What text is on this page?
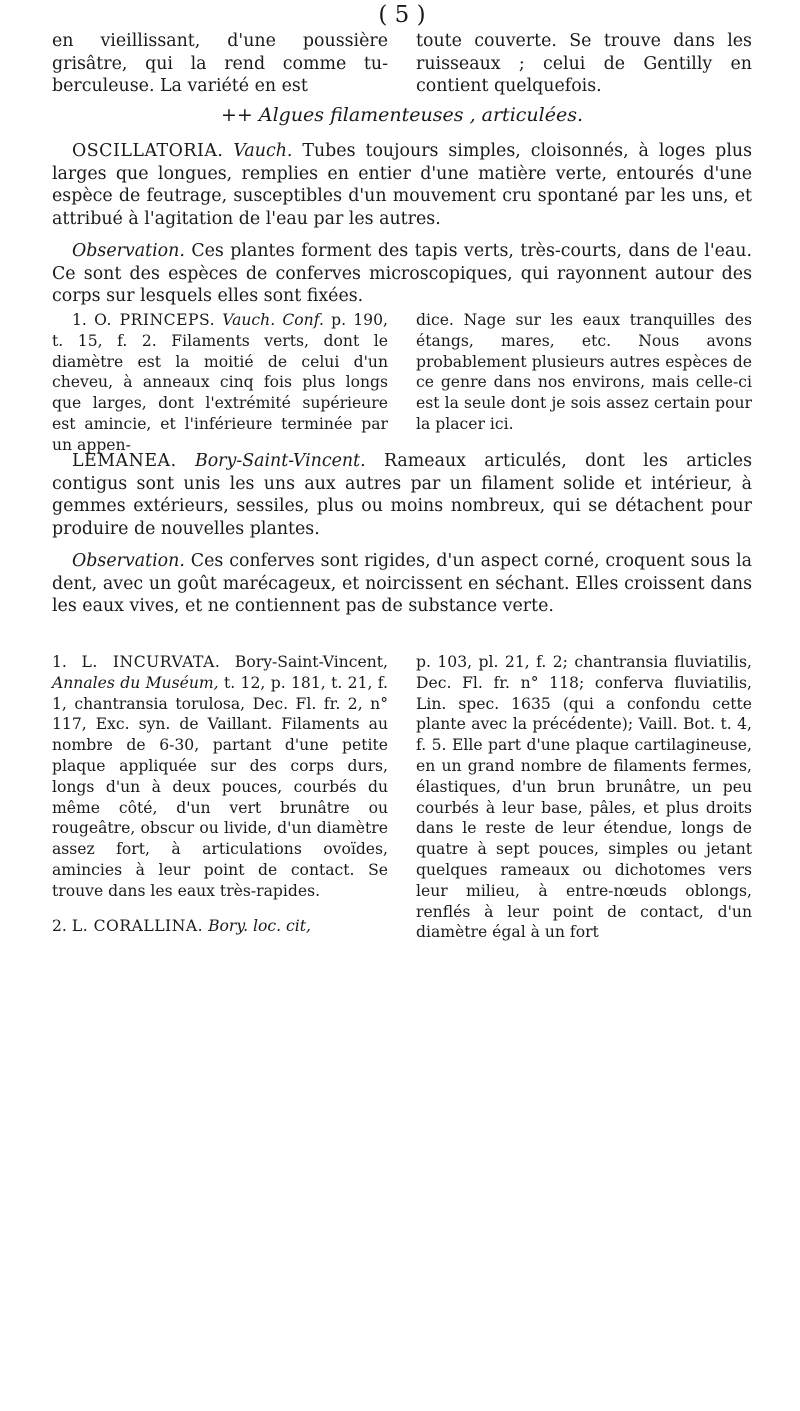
( 5 )

en vieillissant, d'une poussière grisâtre, qui la rend comme tu- berculeuse. La variété en est

toute couverte. Se trouve dans les ruisseaux ; celui de Gentilly en contient quelquefois.

++ Algues filamenteuses , articulées.

OSCILLATORIA. Vauch. Tubes toujours simples, cloisonnés, à loges plus larges que longues, remplies en entier d'une matière verte, entourés d'une espèce de feutrage, susceptibles d'un mouvement cru spontané par les uns, et attribué à l'agitation de l'eau par les autres.

Observation. Ces plantes forment des tapis verts, très-courts, dans de l'eau. Ce sont des espèces de conferves microscopiques, qui rayonnent autour des corps sur lesquels elles sont fixées.

1. O. PRINCEPS. Vauch. Conf. p. 190, t. 15, f. 2. Filaments verts, dont le diamètre est la moitié de celui d'un cheveu, à anneaux cinq fois plus longs que larges, dont l'extrémité supérieure est amincie, et l'inférieure terminée par un appen-

dice. Nage sur les eaux tranquilles des étangs, mares, etc. Nous avons probablement plusieurs autres espèces de ce genre dans nos environs, mais celle-ci est la seule dont je sois assez certain pour la placer ici.

LEMANEA. Bory-Saint-Vincent. Rameaux articulés, dont les articles contigus sont unis les uns aux autres par un filament solide et intérieur, à gemmes extérieurs, sessiles, plus ou moins nombreux, qui se détachent pour produire de nouvelles plantes.

Observation. Ces conferves sont rigides, d'un aspect corné, croquent sous la dent, avec un goût marécageux, et noircissent en séchant. Elles croissent dans les eaux vives, et ne contiennent pas de substance verte.

1. L. INCURVATA. Bory-Saint-Vincent, Annales du Muséum, t. 12, p. 181, t. 21, f. 1, chantransia torulosa, Dec. Fl. fr. 2, n° 117, Exc. syn. de Vaillant. Filaments au nombre de 6-30, partant d'une petite plaque appliquée sur des corps durs, longs d'un à deux pouces, courbés du même côté, d'un vert brunâtre ou rougeâtre, obscur ou livide, d'un diamètre assez fort, à articulations ovoïdes, amincies à leur point de contact. Se trouve dans les eaux très-rapides.

2. L. CORALLINA. Bory. loc. cit,

p. 103, pl. 21, f. 2; chantransia fluviatilis, Dec. Fl. fr. n° 118; conferva fluviatilis, Lin. spec. 1635 (qui a confondu cette plante avec la précédente); Vaill. Bot. t. 4, f. 5. Elle part d'une plaque cartilagineuse, en un grand nombre de filaments fermes, élastiques, d'un brun brunâtre, un peu courbés à leur base, pâles, et plus droits dans le reste de leur étendue, longs de quatre à sept pouces, simples ou jetant quelques rameaux ou dichotomes vers leur milieu, à entre-nœuds oblongs, renflés à leur point de contact, d'un diamètre égal à un fort
